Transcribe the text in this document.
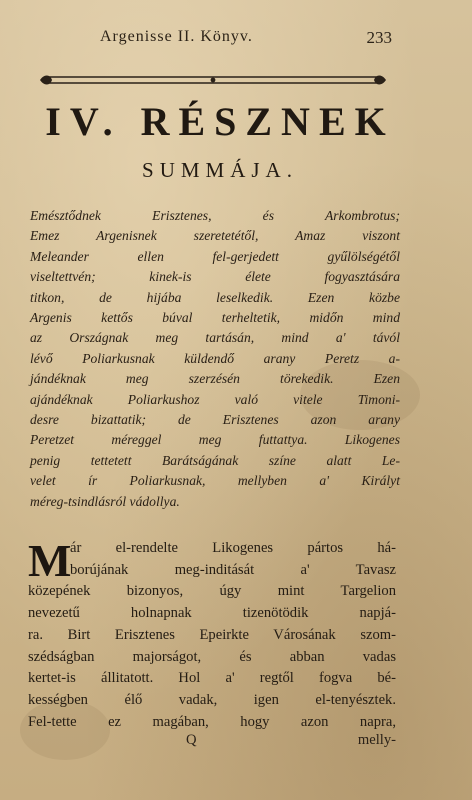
Argenisse II. Könyv.	233
IV. RÉSZNEK
SUMMÁJA.
Emésztődnek Erisztenes, és Arkombrotus;
Emez Argenisnek szeretetétől, Amaz viszont
Meleander ellen fel-gerjedett gyűlölségétől
viseltettvén; kinek-is élete fogyasztására
titkon, de hijába leselkedik. Ezen közbe
Argenis kettős búval terheltetik, midőn mind
az Országnak meg tartásán, mind a' távól
lévő Poliarkusnak küldendő arany Peretz a-
jándéknak meg szerzésén törekedik. Ezen
ajándéknak Poliarkushoz való vitele Timoni-
desre bizattatik; de Erisztenes azon arany
Peretzet méreggel meg futtattya. Likogenes
penig tettetett Barátságának színe alatt Le-
velet ír Poliarkusnak, mellyben a' Királyt
méreg-tsindlásról vádollya.
M
ár el-rendelte Likogenes pártos há-
borújának meg-inditását a' Tavasz
közepének bizonyos, úgy mint Targelion
nevezetű holnapnak tizenötödik napjá-
ra. Birt Erisztenes Epeirkte Városának szom-
szédságban majorságot, és abban vadas
kertet-is állitatott. Hol a' regtől fogva bé-
kességben élő vadak, igen el-tenyésztek.
Fel-tette ez magában, hogy azon napra,
Q	melly-
